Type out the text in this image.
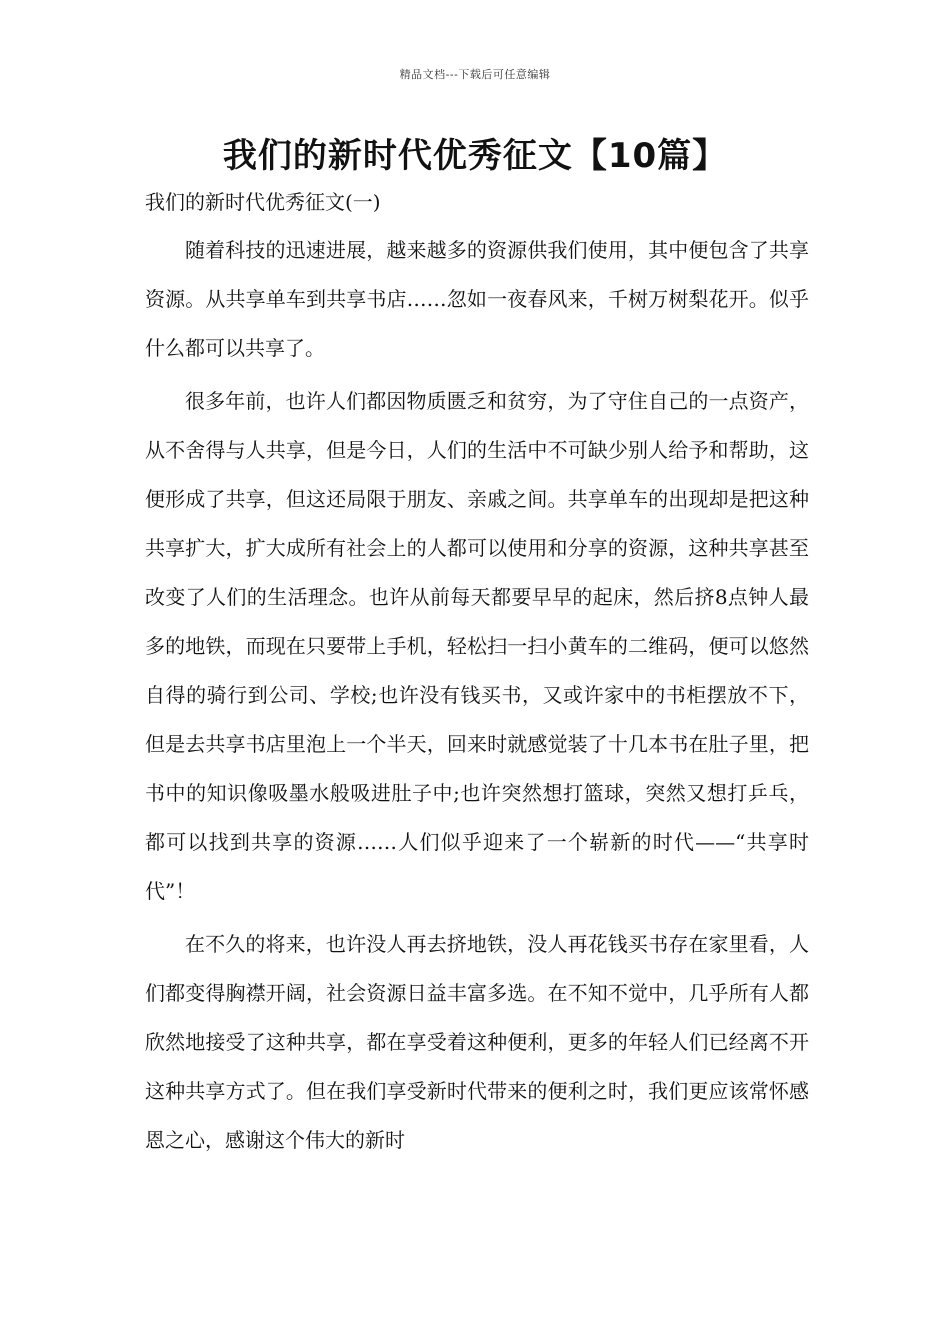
精品文档---下载后可任意编辑
我们的新时代优秀征文【10篇】
我们的新时代优秀征文(一)

随着科技的迅速进展，越来越多的资源供我们使用，其中便包含了共享资源。从共享单车到共享书店……忽如一夜春风来，千树万树梨花开。似乎什么都可以共享了。

很多年前，也许人们都因物质匮乏和贫穷，为了守住自己的一点资产，从不舍得与人共享，但是今日，人们的生活中不可缺少别人给予和帮助，这便形成了共享，但这还局限于朋友、亲戚之间。共享单车的出现却是把这种共享扩大，扩大成所有社会上的人都可以使用和分享的资源，这种共享甚至改变了人们的生活理念。也许从前每天都要早早的起床，然后挤8点钟人最多的地铁，而现在只要带上手机，轻松扫一扫小黄车的二维码，便可以悠然自得的骑行到公司、学校;也许没有钱买书，又或许家中的书柜摆放不下，但是去共享书店里泡上一个半天，回来时就感觉装了十几本书在肚子里，把书中的知识像吸墨水般吸进肚子中;也许突然想打篮球，突然又想打乒乓，都可以找到共享的资源……人们似乎迎来了一个崭新的时代——“共享时代”！

在不久的将来，也许没人再去挤地铁，没人再花钱买书存在家里看，人们都变得胸襟开阔，社会资源日益丰富多选。在不知不觉中，几乎所有人都欣然地接受了这种共享，都在享受着这种便利，更多的年轻人们已经离不开这种共享方式了。但在我们享受新时代带来的便利之时，我们更应该常怀感恩之心，感谢这个伟大的新时
